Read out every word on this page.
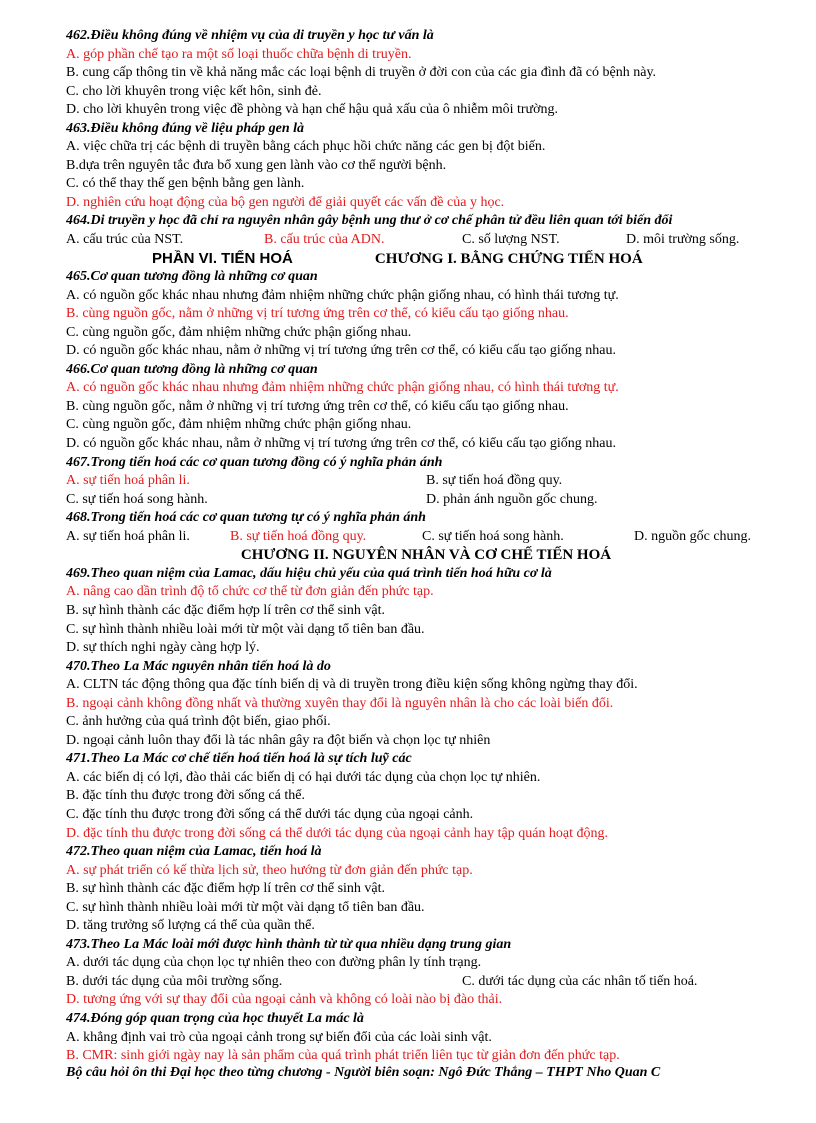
462.Điều không đúng về nhiệm vụ của di truyền y học tư vấn là
A. góp phần chế tạo ra một số loại thuốc chữa bệnh di truyền.
B. cung cấp thông tin về khả năng mắc các loại bệnh di truyền ở đời con của các gia đình đã có bệnh này.
C. cho lời khuyên trong việc kết hôn, sinh đẻ.
D. cho lời khuyên trong việc đề phòng và hạn chế hậu quả xấu của ô nhiễm môi trường.
463.Điều không đúng về liệu pháp gen là
A. việc chữa trị các bệnh di truyền bằng cách phục hồi chức năng các gen bị đột biến.
B.dựa trên nguyên tắc đưa bổ xung gen lành vào cơ thể người bệnh.
C. có thể thay thế gen bệnh bằng gen lành.
D. nghiên cứu hoạt động của bộ gen người để giải quyết các vấn đề của y học.
464.Di truyền y học đã chỉ ra nguyên nhân gây bệnh ung thư ở cơ chế phân tử đều liên quan tới biến đổi
A. cấu trúc của NST.	B. cấu trúc của ADN.	C. số lượng NST.	D. môi trường sống.
PHẦN VI. TIẾN HOÁ	CHƯƠNG I. BẰNG CHỨNG TIẾN HOÁ
465.Cơ quan tương đồng là những cơ quan
A. có nguồn gốc khác nhau nhưng đảm nhiệm những chức phận giống nhau, có hình thái tương tự.
B. cùng nguồn gốc, nằm ở những vị trí tương ứng trên cơ thể, có kiểu cấu tạo giống nhau.
C. cùng nguồn gốc, đảm nhiệm những chức phận giống nhau.
D. có nguồn gốc khác nhau, nằm ở những vị trí tương ứng trên cơ thể, có kiểu cấu tạo giống nhau.
466.Cơ quan tương đồng là những cơ quan
A. có nguồn gốc khác nhau nhưng đảm nhiệm những chức phận giống nhau, có hình thái tương tự.
B. cùng nguồn gốc, nằm ở những vị trí tương ứng trên cơ thể, có kiểu cấu tạo giống nhau.
C. cùng nguồn gốc, đảm nhiệm những chức phận giống nhau.
D. có nguồn gốc khác nhau, nằm ở những vị trí tương ứng trên cơ thể, có kiểu cấu tạo giống nhau.
467.Trong tiến hoá các cơ quan tương đồng có ý nghĩa phản ánh
A. sự tiến hoá phân li.	B. sự tiến hoá đồng quy.
C. sự tiến hoá song hành.	D. phản ánh nguồn gốc chung.
468.Trong tiến hoá các cơ quan tương tự có ý nghĩa phản ánh
A. sự tiến hoá phân li.	B. sự tiến hoá đồng quy.	C. sự tiến hoá song hành.	D. nguồn gốc chung.
CHƯƠNG II. NGUYÊN NHÂN VÀ CƠ CHẾ TIẾN HOÁ
469.Theo quan niệm của Lamac, dấu hiệu chủ yếu của quá trình tiến hoá hữu cơ là
A. nâng cao dần trình độ tổ chức cơ thể từ đơn giản đến phức tạp.
B. sự hình thành các đặc điểm hợp lí trên cơ thể sinh vật.
C. sự hình thành nhiều loài mới từ một vài dạng tổ tiên ban đầu.
D. sự thích nghi ngày càng hợp lý.
470.Theo La Mác nguyên nhân tiến hoá là do
A. CLTN tác động thông qua đặc tính biến dị và di truyền trong điều kiện sống không ngừng thay đổi.
B. ngoại cảnh không đồng nhất và thường xuyên thay đổi là nguyên nhân là cho các loài biến đổi.
C. ảnh hưởng của quá trình đột biến, giao phối.
D. ngoại cảnh luôn thay đổi là tác nhân gây ra đột biến và chọn lọc tự nhiên
471.Theo La Mác cơ chế tiến hoá tiến hoá là sự tích luỹ các
A. các biến dị có lợi, đào thải các biến dị có hại dưới tác dụng của chọn lọc tự nhiên.
B. đặc tính thu được trong đời sống cá thể.
C. đặc tính thu được trong đời sống cá thể dưới tác dụng của ngoại cảnh.
D. đặc tính thu được trong đời sống cá thể dưới tác dụng của ngoại cảnh hay tập quán hoạt động.
472.Theo quan niệm của Lamac, tiến hoá là
A. sự phát triển có kế thừa lịch sử, theo hướng từ đơn giản đến phức tạp.
B. sự hình thành các đặc điểm hợp lí trên cơ thể sinh vật.
C. sự hình thành nhiều loài mới từ một vài dạng tổ tiên ban đầu.
D. tăng trưởng số lượng cá thể của quần thể.
473.Theo La Mác loài mới được hình thành từ từ qua nhiều dạng trung gian
A. dưới tác dụng của chọn lọc tự nhiên theo con đường phân ly tính trạng.
B. dưới tác dụng của môi trường sống.	C. dưới tác dụng của các nhân tố tiến hoá.
D. tương ứng với sự thay đổi của ngoại cảnh và không có loài nào bị đào thải.
474.Đóng góp quan trọng của học thuyết La mác là
A. khẳng định vai trò của ngoại cảnh trong sự biến đổi của các loài sinh vật.
B. CMR: sinh giới ngày nay là sản phẩm của quá trình phát triển liên tục từ giản đơn đến phức tạp.
Bộ câu hỏi ôn thi Đại học theo từng chương - Người biên soạn: Ngô Đức Thắng – THPT Nho Quan C
